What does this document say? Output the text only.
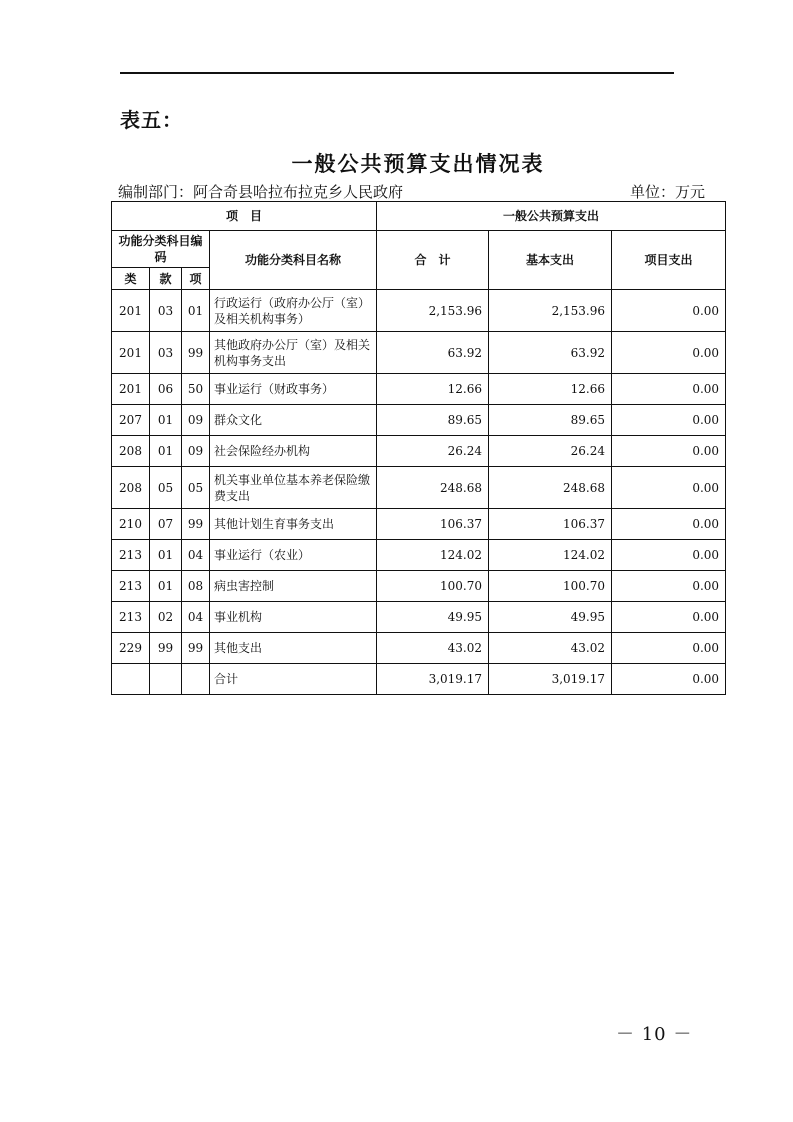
表五：
一般公共预算支出情况表
编制部门：阿合奇县哈拉布拉克乡人民政府	单位：万元
项　目				一般公共预算支出		
功能分类科目编码			功能分类科目名称	合　计	基本支出	项目支出
类	款	项				
201	03	01	行政运行（政府办公厅（室）及相关机构事务）	2,153.96	2,153.96	0.00
201	03	99	其他政府办公厅（室）及相关机构事务支出	63.92	63.92	0.00
201	06	50	事业运行（财政事务）	12.66	12.66	0.00
207	01	09	群众文化	89.65	89.65	0.00
208	01	09	社会保险经办机构	26.24	26.24	0.00
208	05	05	机关事业单位基本养老保险缴费支出	248.68	248.68	0.00
210	07	99	其他计划生育事务支出	106.37	106.37	0.00
213	01	04	事业运行（农业）	124.02	124.02	0.00
213	01	08	病虫害控制	100.70	100.70	0.00
213	02	04	事业机构	49.95	49.95	0.00
229	99	99	其他支出	43.02	43.02	0.00
			合计	3,019.17	3,019.17	0.00
－ 10 －
